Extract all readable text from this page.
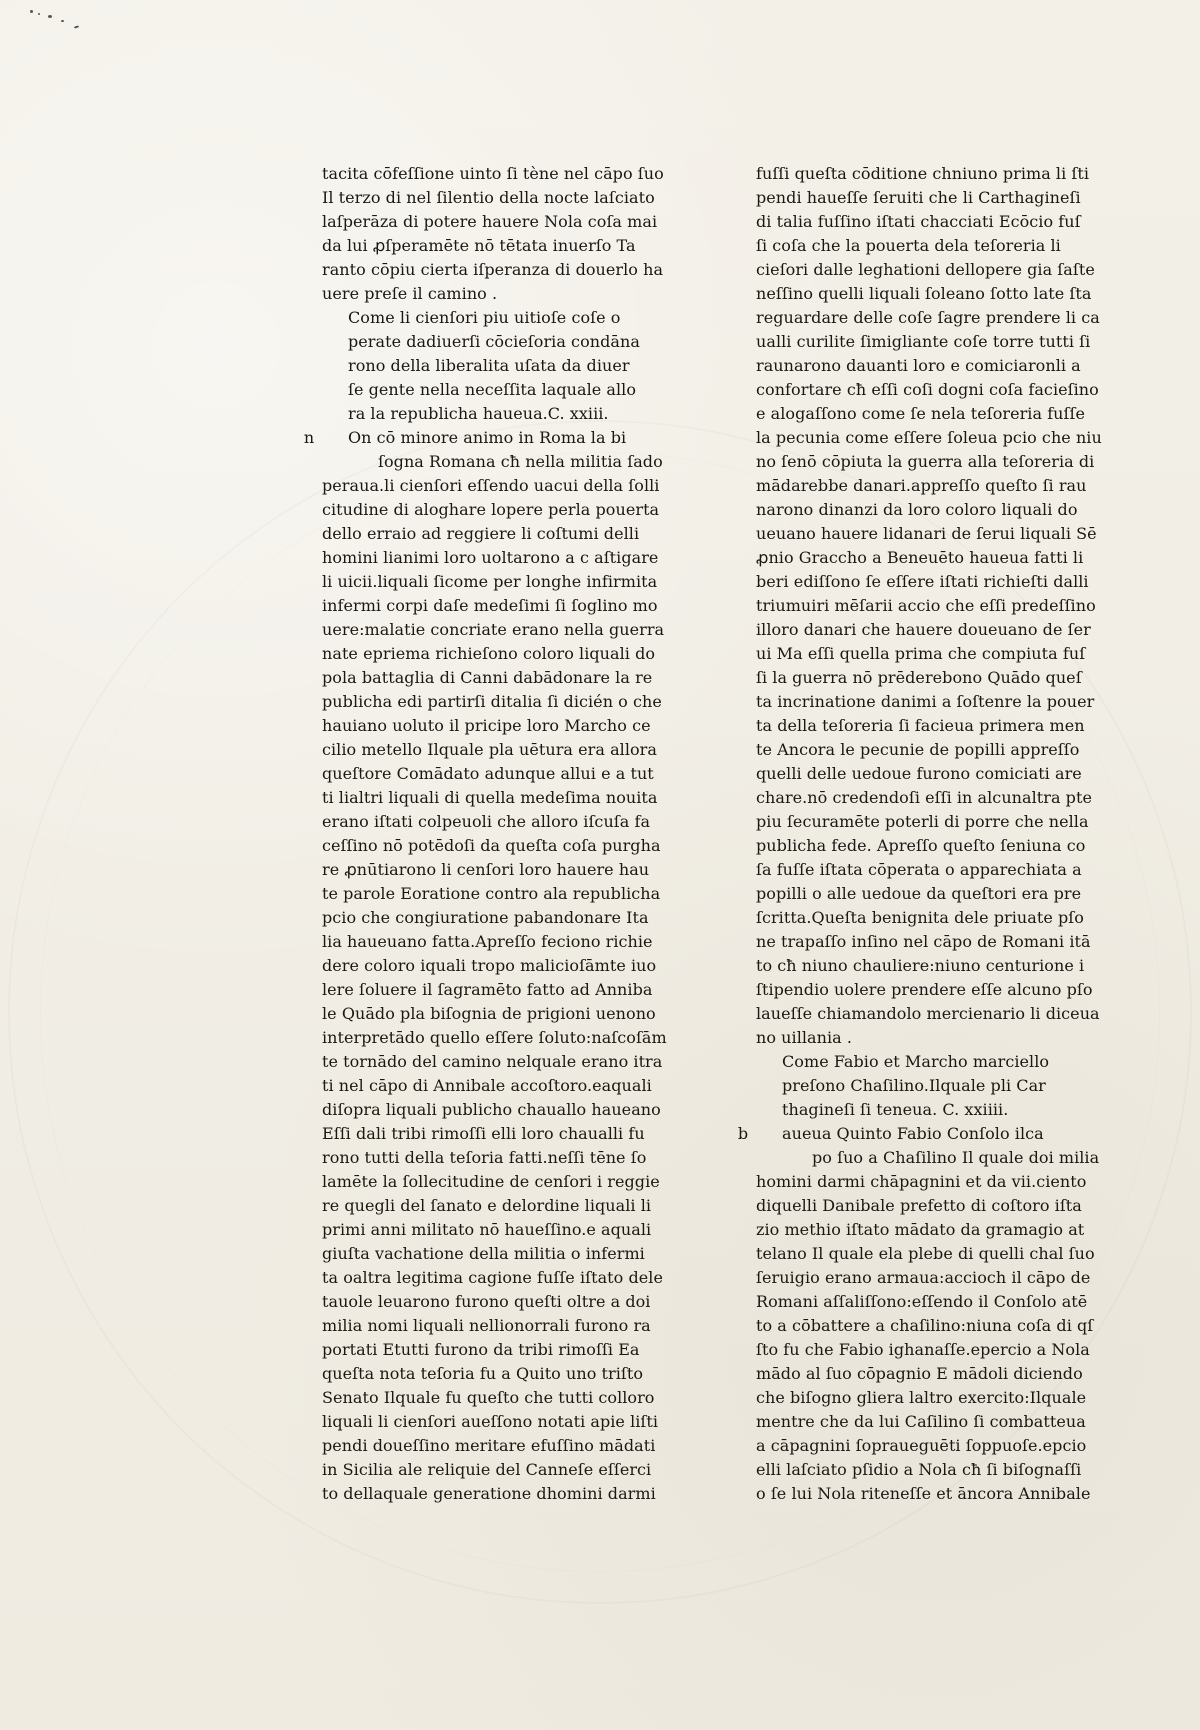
tacita cōfeſſione uinto ſi tène nel cāpo ſuo
Il terzo di nel ſilentio della nocte laſciato
laſperāza di potere hauere Nola coſa mai
da lui ꝓſperamēte nō tētata inuerſo Ta
ranto cōpiu cierta iſperanza di douerlo ha
uere preſe il camino .
Come li cienſori piu uitioſe coſe o
perate dadiuerſi cōcieſoria condāna
rono della liberalita uſata da diuer
ſe gente nella neceſſita laquale allo
ra la republicha haueua.C. xxiii.
n On cō minore animo in Roma la bi
ſogna Romana cħ nella militia ſado
peraua.li cienſori eſſendo uacui della ſolli
citudine di aloghare lopere perla pouerta
dello erraio ad reggiere li coſtumi delli
homini lianimi loro uoltarono a c aſtigare
li uicii.liquali ſicome per longhe infirmita
infermi corpi daſe medeſimi ſi ſoglino mo
uere:malatie concriate erano nella guerra
nate epriema richieſono coloro liquali do
pola battaglia di Canni dabādonare la re
publicha edi partirſi ditalia ſi dicién o che
hauiano uoluto il pricipe loro Marcho ce
cilio metello Ilquale pla uētura era allora
queſtore Comādato adunque allui e a tut
ti lialtri liquali di quella medeſima nouita
erano iſtati colpeuoli che alloro iſcuſa fa
ceſſino nō potēdoſi da queſta coſa purgha
re ꝓnūtiarono li cenſori loro hauere hau
te parole Eoratione contro ala republicha
pcio che congiuratione pabandonare Ita
lia haueuano fatta.Apreſſo feciono richie
dere coloro iquali tropo malicioſāmte iuo
lere ſoluere il ſagramēto fatto ad Anniba
le Quādo pla biſognia de prigioni uenono
interpretādo quello eſſere ſoluto:naſcoſām
te tornādo del camino nelquale erano itra
ti nel cāpo di Annibale accoſtoro.eaquali
diſopra liquali publicho chauallo haueano
Eſſi dali tribi rimoſſi elli loro chaualli fu
rono tutti della teſoria fatti.neſſi tēne ſo
lamēte la ſollecitudine de cenſori i reggie
re quegli del ſanato e delordine liquali li
primi anni militato nō haueſſino.e aquali
giuſta vachatione della militia o infermi
ta oaltra legitima cagione fuſſe iſtato dele
tauole leuarono furono queſti oltre a doi
milia nomi liquali nellionorrali furono ra
portati Etutti furono da tribi rimoſſi Ea
queſta nota teſoria fu a Quito uno triſto
Senato Ilquale fu queſto che tutti colloro
liquali li cienſori aueſſono notati apie liſti
pendi doueſſino meritare efuſſino mādati
in Sicilia ale reliquie del Canneſe eſſerci
to dellaquale generatione dhomini darmi
fuſſi queſta cōditione chniuno prima li ſti
pendi haueſſe ſeruiti che li Carthagineſi
di talia fuſſino iſtati chacciati Ecōcio fuſ
ſi coſa che la pouerta dela teſoreria li
cieſori dalle leghationi dellopere gia ſaſte
neſſino quelli liquali ſoleano ſotto late ſta
reguardare delle coſe ſagre prendere li ca
ualli curilite ſimigliante coſe torre tutti ſi
raunarono dauanti loro e comiciaronli a
confortare cħ eſſi coſi dogni coſa facieſino
e alogaſſono come ſe nela teſoreria fuſſe
la pecunia come eſſere ſoleua pcio che niu
no ſenō cōpiuta la guerra alla teſoreria di
mādarebbe danari.appreſſo queſto ſi rau
narono dinanzi da loro coloro liquali do
ueuano hauere lidanari de ſerui liquali Sē
ꝓnio Graccho a Beneuēto haueua fatti li
beri ediſſono ſe eſſere iſtati richieſti dalli
triumuiri mēſarii accio che eſſi predeſſino
illoro danari che hauere doueuano de ſer
ui Ma eſſi quella prima che compiuta fuſ
ſi la guerra nō prēderebono Quādo queſ
ta incrinatione danimi a ſoſtenre la pouer
ta della teſoreria ſi facieua primera men
te Ancora le pecunie de popilli appreſſo
quelli delle uedoue furono comiciati are
chare.nō credendoſi eſſi in alcunaltra pte
piu ſecuramēte poterli di porre che nella
publicha fede. Apreſſo queſto ſeniuna co
ſa fuſſe iſtata cōperata o apparechiata a
popilli o alle uedoue da queſtori era pre
ſcritta.Queſta benignita dele priuate pſo
ne trapaſſo inſino nel cāpo de Romani itā
to cħ niuno chauliere:niuno centurione i
ſtipendio uolere prendere eſſe alcuno pſo
laueſſe chiamandolo mercienario li diceua
no uillania .
Come Fabio et Marcho marciello
preſono Chaſilino.Ilquale pli Car
thagineſi ſi teneua. C. xxiiii.
b aueua Quinto Fabio Conſolo ilca
po ſuo a Chaſilino Il quale doi milia
homini darmi chāpagnini et da vii.ciento
diquelli Danibale prefetto di coſtoro iſta
zio methio iſtato mādato da gramagio at
telano Il quale ela plebe di quelli chal ſuo
ſeruigio erano armaua:accioch il cāpo de
Romani aſſaliſſono:eſſendo il Conſolo atē
to a cōbattere a chaſilino:niuna coſa di qſ
ſto fu che Fabio ighanaſſe.epercio a Nola
mādo al ſuo cōpagnio E mādoli diciendo
che biſogno gliera laltro exercito:Ilquale
mentre che da lui Caſilino ſi combatteua
a cāpagnini ſopraueguēti ſoppuoſe.epcio
elli laſciato pſidio a Nola cħ ſi biſognaſſi
o ſe lui Nola riteneſſe et āncora Annibale
